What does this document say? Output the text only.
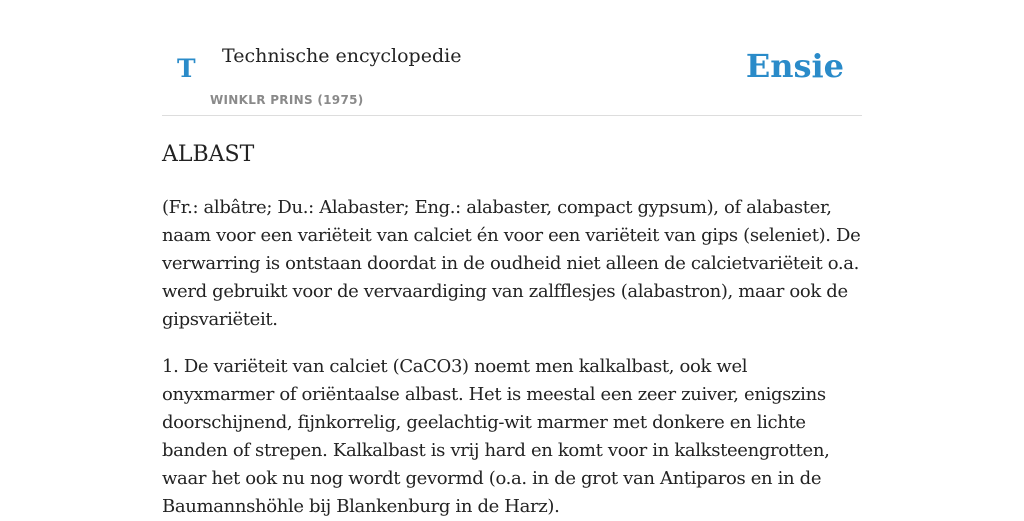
T Technische encyclopedie
WINKLR PRINS (1975)
Ensie
ALBAST

(Fr.: albâtre; Du.: Alabaster; Eng.: alabaster, compact gypsum), of alabaster, naam voor een variëteit van calciet én voor een variëteit van gips (seleniet). De verwarring is ontstaan doordat in de oudheid niet alleen de calcietvariëteit o.a. werd gebruikt voor de vervaardiging van zalfflesjes (alabastron), maar ook de gipsvariëteit.

1. De variëteit van calciet (CaCO3) noemt men kalkalbast, ook wel onyxmarmer of oriëntaalse albast. Het is meestal een zeer zuiver, enigszins doorschijnend, fijnkorrelig, geelachtig-wit marmer met donkere en lichte banden of strepen. Kalkalbast is vrij hard en komt voor in kalksteengrotten, waar het ook nu nog wordt gevormd (o.a. in de grot van Antiparos en in de Baumannshöhle bij Blankenburg in de Harz).
